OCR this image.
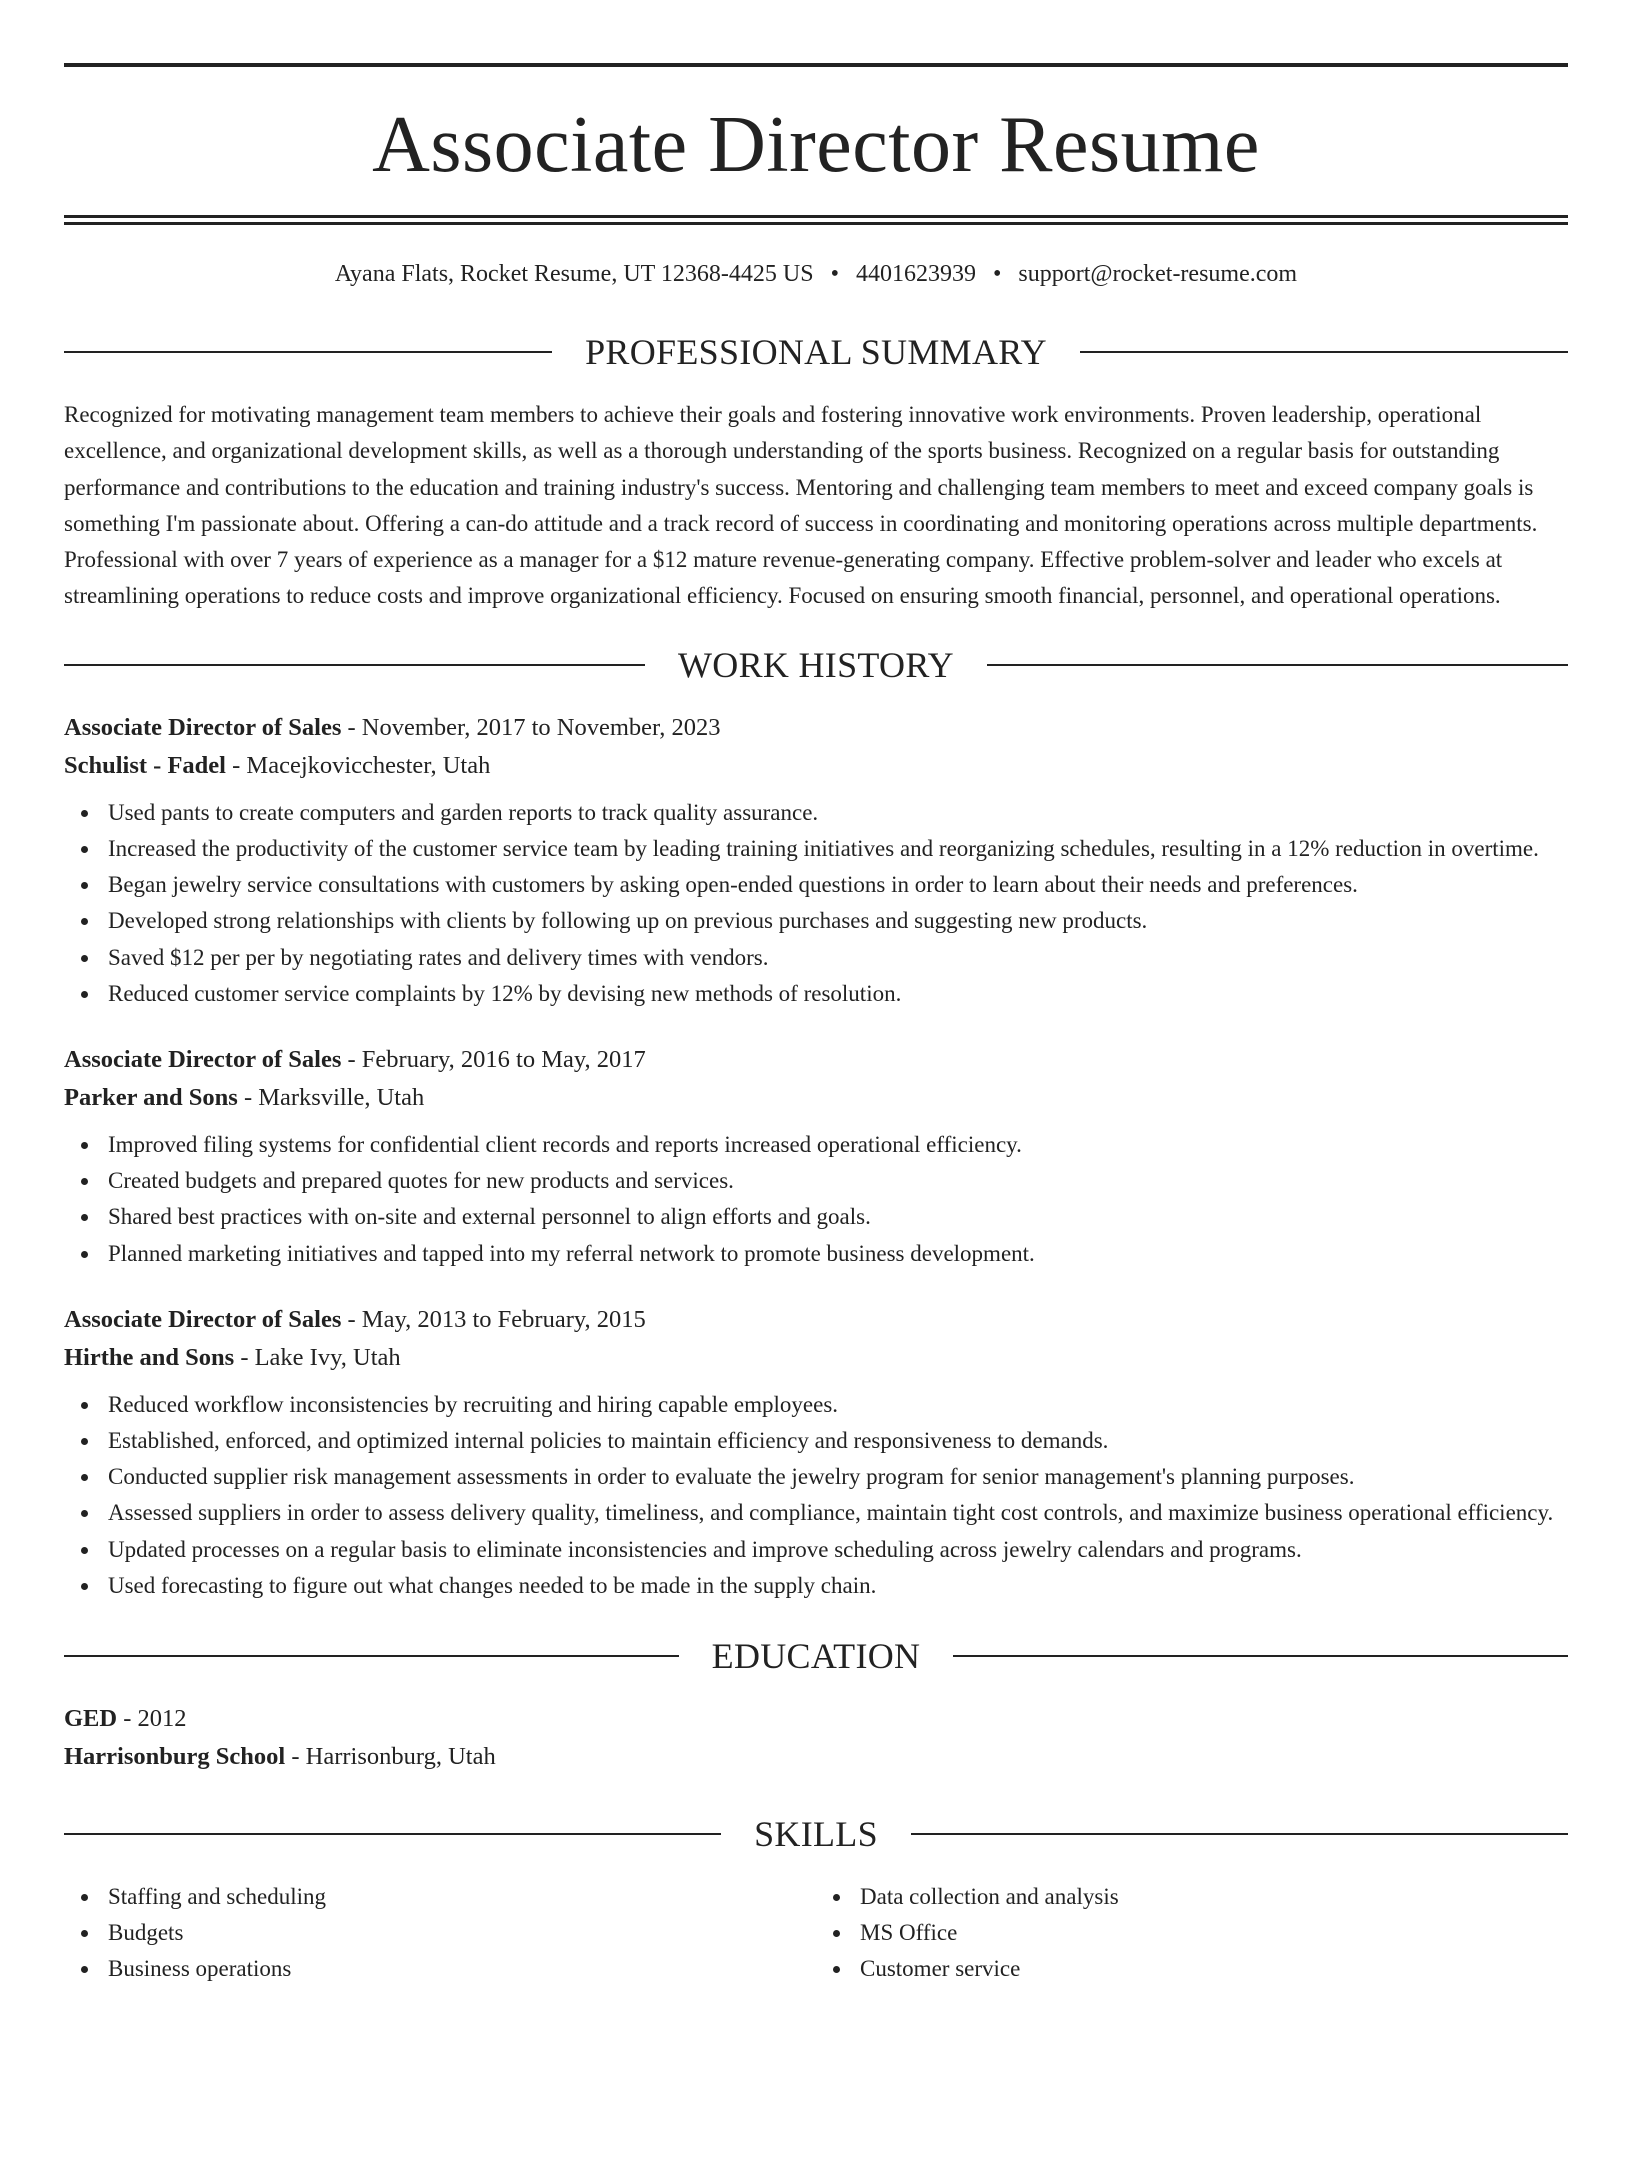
Associate Director Resume
Ayana Flats, Rocket Resume, UT 12368-4425 US • 4401623939 • support@rocket-resume.com
PROFESSIONAL SUMMARY

Recognized for motivating management team members to achieve their goals and fostering innovative work environments. Proven leadership, operational excellence, and organizational development skills, as well as a thorough understanding of the sports business. Recognized on a regular basis for outstanding performance and contributions to the education and training industry's success. Mentoring and challenging team members to meet and exceed company goals is something I'm passionate about. Offering a can-do attitude and a track record of success in coordinating and monitoring operations across multiple departments. Professional with over 7 years of experience as a manager for a $12 mature revenue-generating company. Effective problem-solver and leader who excels at streamlining operations to reduce costs and improve organizational efficiency. Focused on ensuring smooth financial, personnel, and operational operations.

WORK HISTORY
Associate Director of Sales - November, 2017 to November, 2023
Schulist - Fadel - Macejkovicchester, Utah
Used pants to create computers and garden reports to track quality assurance.
Increased the productivity of the customer service team by leading training initiatives and reorganizing schedules, resulting in a 12% reduction in overtime.
Began jewelry service consultations with customers by asking open-ended questions in order to learn about their needs and preferences.
Developed strong relationships with clients by following up on previous purchases and suggesting new products.
Saved $12 per per by negotiating rates and delivery times with vendors.
Reduced customer service complaints by 12% by devising new methods of resolution.
Associate Director of Sales - February, 2016 to May, 2017
Parker and Sons - Marksville, Utah
Improved filing systems for confidential client records and reports increased operational efficiency.
Created budgets and prepared quotes for new products and services.
Shared best practices with on-site and external personnel to align efforts and goals.
Planned marketing initiatives and tapped into my referral network to promote business development.
Associate Director of Sales - May, 2013 to February, 2015
Hirthe and Sons - Lake Ivy, Utah
Reduced workflow inconsistencies by recruiting and hiring capable employees.
Established, enforced, and optimized internal policies to maintain efficiency and responsiveness to demands.
Conducted supplier risk management assessments in order to evaluate the jewelry program for senior management's planning purposes.
Assessed suppliers in order to assess delivery quality, timeliness, and compliance, maintain tight cost controls, and maximize business operational efficiency.
Updated processes on a regular basis to eliminate inconsistencies and improve scheduling across jewelry calendars and programs.
Used forecasting to figure out what changes needed to be made in the supply chain.
EDUCATION
GED - 2012
Harrisonburg School - Harrisonburg, Utah
SKILLS
Staffing and scheduling
Budgets
Business operations
Data collection and analysis
MS Office
Customer service
